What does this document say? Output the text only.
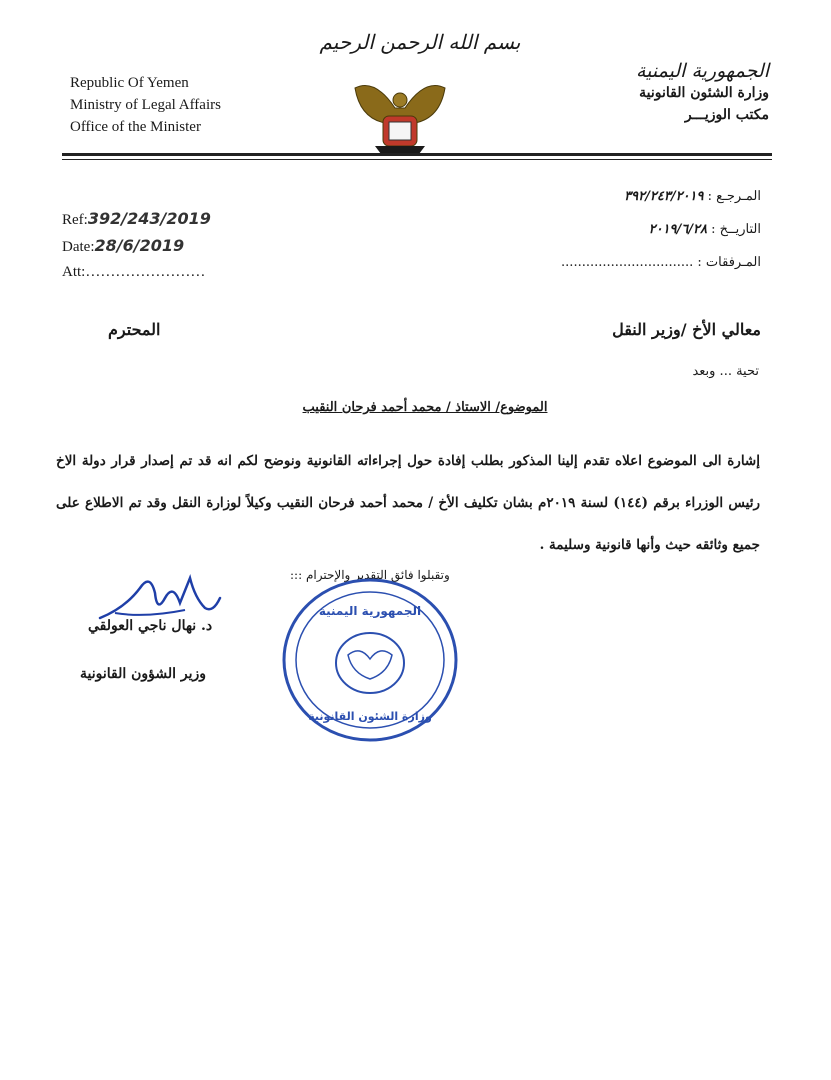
بسم الله الرحمن الرحيم
Republic Of Yemen
Ministry of Legal Affairs
Office of the Minister
الجمهورية اليمنية
وزارة الشئون القانونية
مكتب الوزيـــر
المـرجـع : ٣٩٢/٢٤٣/٢٠١٩
التاريــخ : ٢٠١٩/٦/٢٨
المـرفقات : ................................
Ref:392/243/2019
Date:28/6/2019
Att:……………………
معالي الأخ /وزير النقل
المحترم
تحية ... وبعد
الموضوع/ الاستاذ / محمد أحمد فرحان النقيب
إشارة الى الموضوع اعلاه تقدم إلينا المذكور بطلب إفادة حول إجراءاته القانونية ونوضح لكم انه قد تم إصدار قرار دولة الاخ رئيس الوزراء برقم (١٤٤) لسنة ٢٠١٩م بشان تكليف الأخ / محمد أحمد فرحان النقيب وكيلاً لوزارة النقل وقد تم الاطلاع على جميع وثائقه حيث وأنها قانونية وسليمة .
وتقبلوا فائق التقدير والإحترام :::
د. نهال ناجي العولقي
وزير الشؤون القانونية
الجمهورية اليمنية
وزارة الشئون القانونية
